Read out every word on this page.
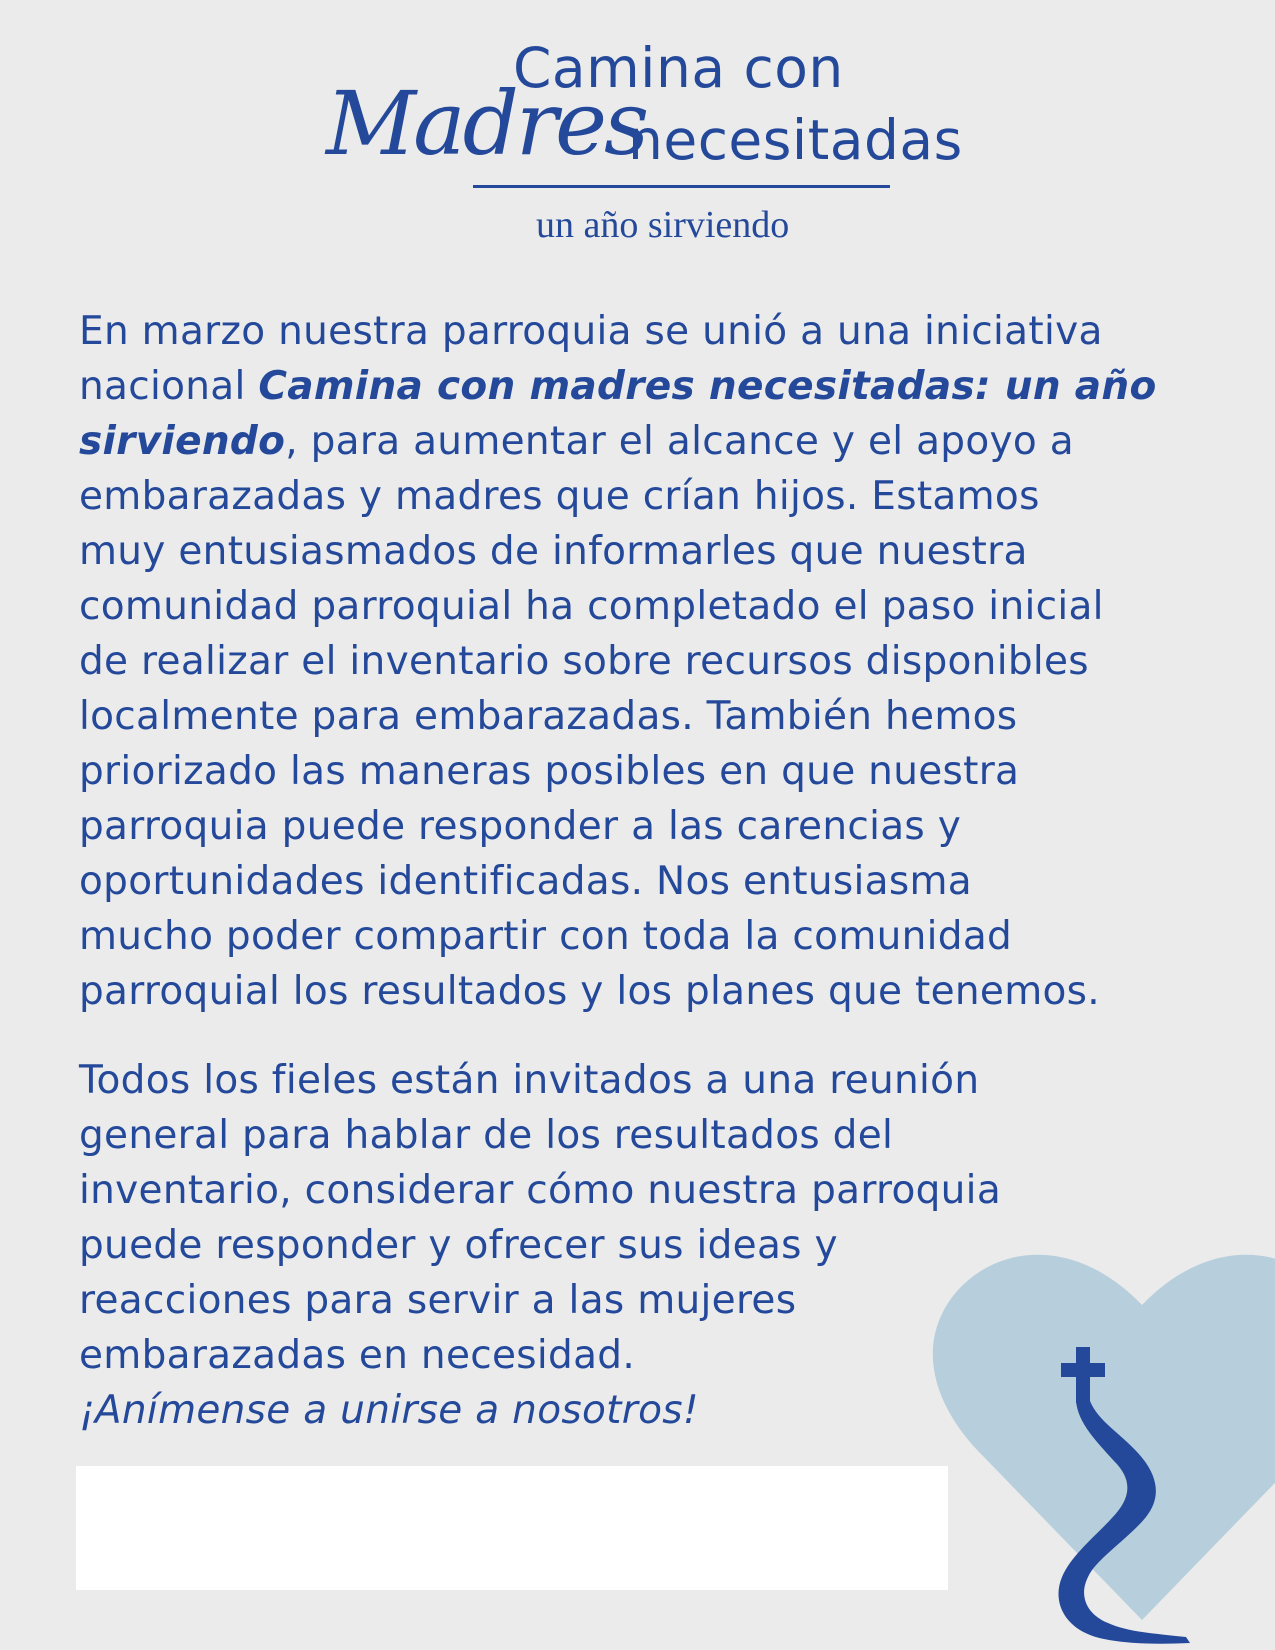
Camina con
Madres
necesitadas
un año sirviendo

En marzo nuestra parroquia se unió a una iniciativa
nacional Camina con madres necesitadas: un año
sirviendo, para aumentar el alcance y el apoyo a
embarazadas y madres que crían hijos. Estamos
muy entusiasmados de informarles que nuestra
comunidad parroquial ha completado el paso inicial
de realizar el inventario sobre recursos disponibles
localmente para embarazadas. También hemos
priorizado las maneras posibles en que nuestra
parroquia puede responder a las carencias y
oportunidades identificadas. Nos entusiasma
mucho poder compartir con toda la comunidad
parroquial los resultados y los planes que tenemos.

Todos los fieles están invitados a una reunión
general para hablar de los resultados del
inventario, considerar cómo nuestra parroquia
puede responder y ofrecer sus ideas y
reacciones para servir a las mujeres
embarazadas en necesidad.
¡Anímense a unirse a nosotros!
